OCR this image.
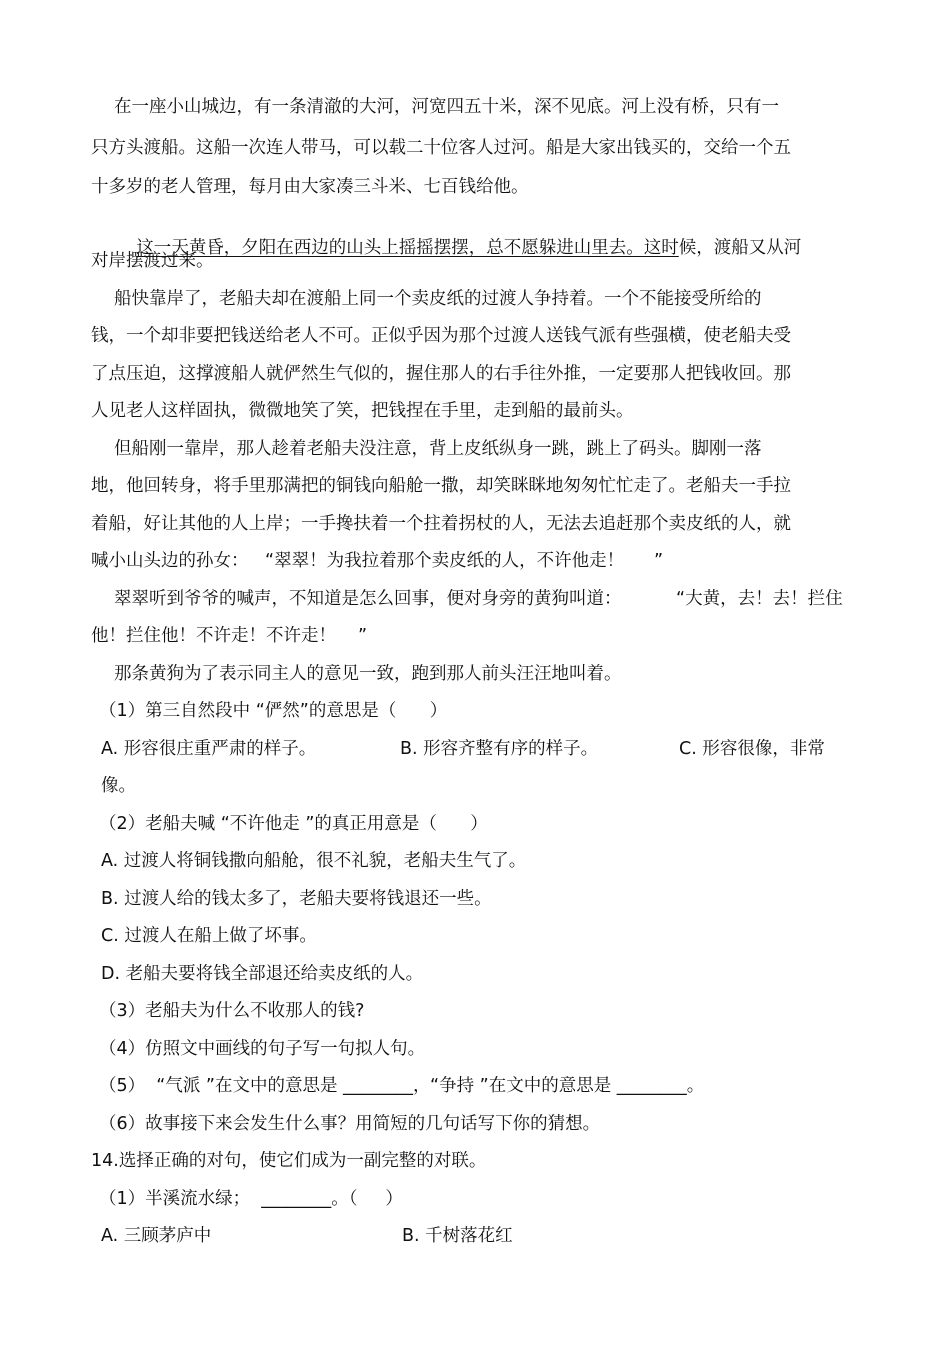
在一座小山城边，有一条清澈的大河，河宽四五十米，深不见底。河上没有桥，只有一
只方头渡船。这船一次连人带马，可以载二十位客人过河。船是大家出钱买的，交给一个五
十多岁的老人管理，每月由大家凑三斗米、七百钱给他。

这一天黄昏，夕阳在西边的山头上摇摇摆摆，总不愿躲进山里去。这时候，渡船又从河

对岸摆渡过来。
船快靠岸了，老船夫却在渡船上同一个卖皮纸的过渡人争持着。一个不能接受所给的
钱，一个却非要把钱送给老人不可。正似乎因为那个过渡人送钱气派有些强横，使老船夫受
了点压迫，这撑渡船人就俨然生气似的，握住那人的右手往外推，一定要那人把钱收回。那
人见老人这样固执，微微地笑了笑，把钱捏在手里，走到船的最前头。
但船刚一靠岸，那人趁着老船夫没注意，背上皮纸纵身一跳，跳上了码头。脚刚一落
地，他回转身，将手里那满把的铜钱向船舱一撒，却笑眯眯地匆匆忙忙走了。老船夫一手拉
着船，好让其他的人上岸；一手搀扶着一个拄着拐杖的人，无法去追赶那个卖皮纸的人，就
喊小山头边的孙女： “翠翠！为我拉着那个卖皮纸的人，不许他走！ ”
翠翠听到爷爷的喊声，不知道是怎么回事，便对身旁的黄狗叫道：	“大黄，去！去！拦住
他！拦住他！不许走！不许走！ ”
那条黄狗为了表示同主人的意见一致，跑到那人前头汪汪地叫着。
（1）第三自然段中 “俨然”的意思是（      ）
A. 形容很庄重严肃的样子。	B. 形容齐整有序的样子。	C. 形容很像，非常
像。
（2）老船夫喊 “不许他走 ”的真正用意是（      ）
A. 过渡人将铜钱撒向船舱，很不礼貌，老船夫生气了。
B. 过渡人给的钱太多了，老船夫要将钱退还一些。
C. 过渡人在船上做了坏事。
D. 老船夫要将钱全部退还给卖皮纸的人。
（3）老船夫为什么不收那人的钱?
（4）仿照文中画线的句子写一句拟人句。
（5）  “气派 ”在文中的意思是 ________， “争持 ”在文中的意思是 ________。
（6）故事接下来会发生什么事？用简短的几句话写下你的猜想。
14.选择正确的对句，使它们成为一副完整的对联。
（1）半溪流水绿；  ________。（     ）
A. 三顾茅庐中	B. 千树落花红
